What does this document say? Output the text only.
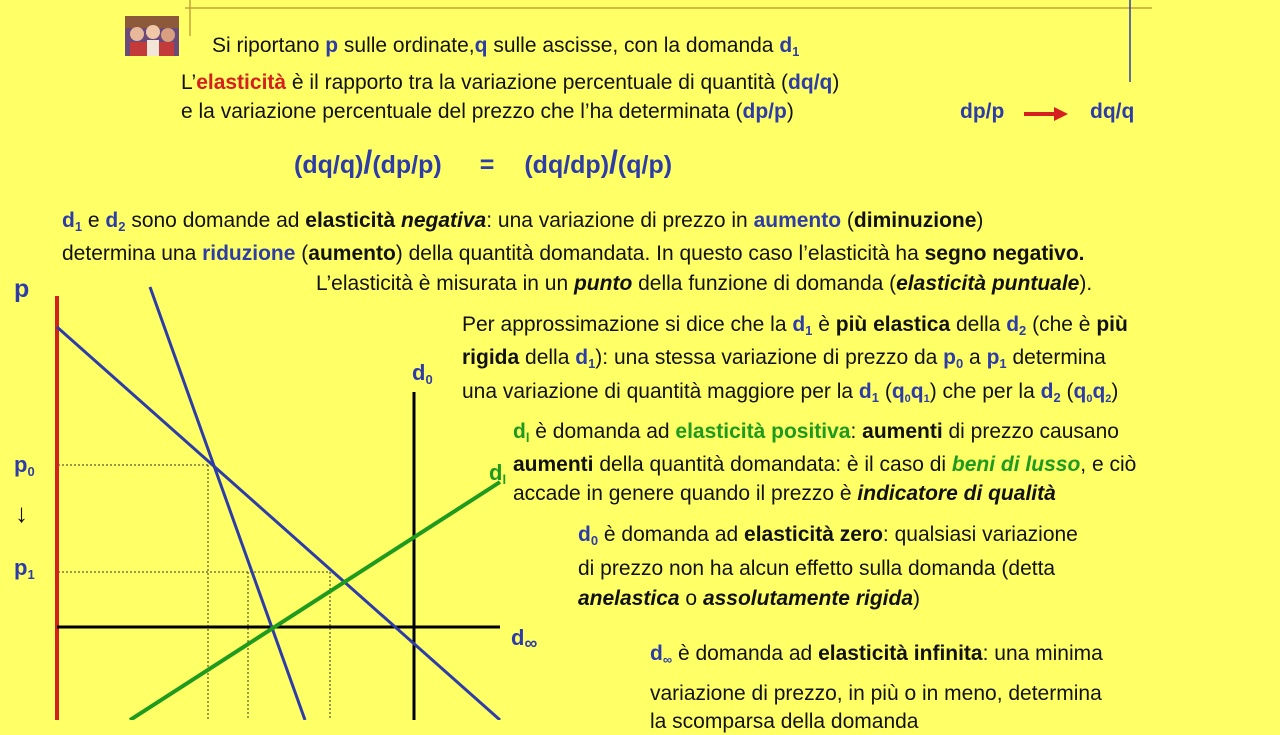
Si riportano p sulle ordinate,q sulle ascisse, con la domanda $d_1$
L’elasticità è il rapporto tra la variazione percentuale di quantità (dq/q)
e la variazione percentuale del prezzo che l’ha determinata (dp/p)	dp/p	dq/q
(dq/q)/(dp/p) = (dq/dp)/(q/p)
$d_1$ e $d_2$ sono domande ad elasticità negativa: una variazione di prezzo in aumento (diminuzione)
determina una riduzione (aumento) della quantità domandata. In questo caso l’elasticità ha segno negativo.
L’elasticità è misurata in un punto della funzione di domanda (elasticità puntuale).
Per approssimazione si dice che la $d_1$ è più elastica della $d_2$ (che è più
rigida della $d_1$): una stessa variazione di prezzo da $p_0$ a $p_1$ determina
una variazione di quantità maggiore per la $d_1$ $(q_0q_1)$ che per la $d_2$ $(q_0q_2)$
$d_l$ è domanda ad elasticità positiva: aumenti di prezzo causano
aumenti della quantità domandata: è il caso di beni di lusso, e ciò
accade in genere quando il prezzo è indicatore di qualità
$d_0$ è domanda ad elasticità zero: qualsiasi variazione
di prezzo non ha alcun effetto sulla domanda (detta
anelastica o assolutamente rigida)
$d_\infty$ è domanda ad elasticità infinita: una minima
variazione di prezzo, in più o in meno, determina
la scomparsa della domanda
p
$p_0$
↓
$p_1$
$d_0$
$d_l$
$d_\infty$
